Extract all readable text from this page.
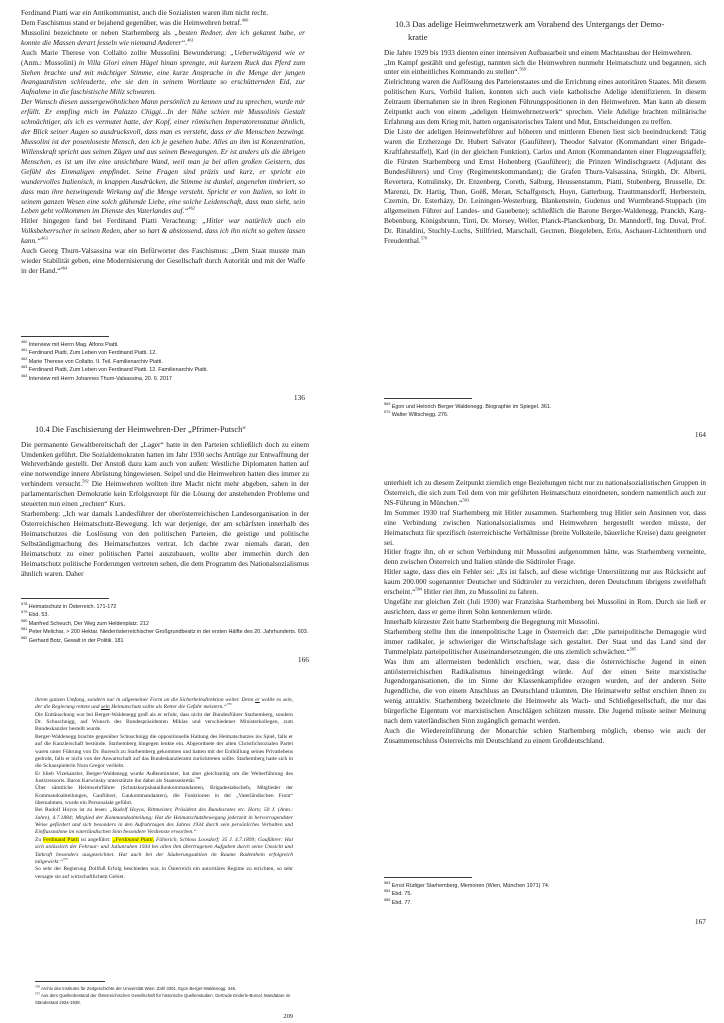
Ferdinand Piatti war ein Antikommunist, auch die Sozialisten waren ihm nicht recht.

Dem Faschismus stand er bejahend gegenüber, was die Heimwehren betraf.$^{460}$

Mussolini bezeichnete er neben Starhemberg als „besten Redner, den ich gekannt habe, er konnte die Massen derart fesseln wie niemand Anderer“.$^{461}$

Auch Marie Therese von Collalto zollte Mussolini Bewunderung: „Ueberwältigend wie er (Anm.: Mussolini) in Villa Glori einen Hügel hinan sprengte, mit kurzem Ruck das Pferd zum Stehen brachte und mit mächtiger Stimme, eine kurze Ansprache in die Menge der jungen Avanguardisten schleuderte, ehe sie den in seinem Wortlaute so erschütternden Eid, zur Aufnahme in die faschistische Miliz schwuren.

Der Wunsch diesen aussergewöhnlichen Mann persönlich zu kennen und zu sprechen, wurde mir erfüllt. Er empfing mich im Palazzo Chiggi…In der Nähe schien mir Mussolinis Gestalt schmächtiger, als ich es vermutet hatte, der Kopf, einer römischen Imperatorenstatue ähnlich, der Blick seiner Augen so ausdrucksvoll, dass man es versteht, dass er die Menschen bezwingt. Mussolini ist der posenloseste Mensch, den ich je gesehen habe. Alles an ihm ist Konzentration, Willenskraft spricht aus seinen Zügen und aus seinen Bewegungen. Er ist anders als die übrigen Menschen, es ist um ihn eine unsichtbare Wand, weil man ja bei allen großen Geistern, das Gefühl des Einmaligen empfindet. Seine Fragen sind präzis und kurz, er spricht ein wundervolles Italienisch, in knappen Ausdrücken, die Stimme ist dunkel, angenehm timbriert, so dass man ihre bezwingende Wirkung auf die Menge versteht. Spricht er von Italien, so loht in seinem ganzen Wesen eine solch glühende Liebe, eine solche Leidenschaft, dass man sieht, sein Leben geht vollkommen im Dienste des Vaterlandes auf.“$^{462}$

Hitler hingegen fand bei Ferdinand Piatti Verachtung: „Hitler war natürlich auch ein Volksbeherrscher in seinen Reden, aber so hart & abstossend, dass ich ihn nicht so gelten lassen kann.“$^{463}$

Auch Georg Thurn-Valsassina war ein Befürworter des Faschismus: „Dem Staat musste man wieder Stabilität geben, eine Modernisierung der Gesellschaft durch Autorität und mit der Waffe in der Hand.“$^{464}$

$^{460}$ Interview mit Herrn Mag. Alfons Piatti.
$^{461}$ Ferdinand Piatti, Zum Leben von Ferdinand Piatti. 12.
$^{462}$ Marie Therese von Collalto. II. Teil. Familienarchiv Piatti.
$^{463}$ Ferdinand Piatti, Zum Leben von Ferdinand Piatti. 12. Familienarchiv Piatti.
$^{464}$ Interview mit Herrn Johannes Thurn-Valsassina, 20. 6. 2017
136
10.3 Das adelige Heimwehrnetzwerk am Vorabend des Untergangs der Demo-
kratie

Die Jahre 1929 bis 1933 dienten einer intensiven Aufbauarbeit und einem Machtausbau der Heimwehren.

„Im Kampf gestählt und gefestigt, nannten sich die Heimwehren nunmehr Heimatschutz und begannen, sich unter ein einheitliches Kommando zu stellen“.$^{569}$

Zielrichtung waren die Auflösung des Parteienstaates und die Errichtung eines autoritären Staates. Mit diesem politischen Kurs, Vorbild Italien, konnten sich auch viele katholische Adelige identifizieren. In diesem Zeitraum übernahmen sie in ihren Regionen Führungspositionen in den Heimwehren. Man kann ab diesem Zeitpunkt auch von einem „adeligen Heimwehrnetzwerk“ sprechen. Viele Adelige brachten militärische Erfahrung aus dem Krieg mit, hatten organisatorisches Talent und Mut, Entscheidungen zu treffen.

Die Liste der adeligen Heimwehrführer auf höheren und mittleren Ebenen liest sich beeindruckend: Tätig waren die Erzherzoge Dr. Hubert Salvator (Gauführer), Theodor Salvator (Kommandant einer Brigade-Kraftfahrstaffel), Karl (in der gleichen Funktion), Carlos und Anton (Kommandanten einer Flugzeugstaffel); die Fürsten Starhemberg und Ernst Hohenberg (Gauführer); die Prinzen Windischgraetz (Adjutant des Bundesführers) und Croy (Regimentskommandant); die Grafen Thurn-Valsassina, Stürgkh, Dr. Alberti, Revertera, Kottulinsky, Dr. Enzenberg, Coreth, Salburg, Heussenstamm, Piatti, Stubenberg, Brusselle, Dr. Marenzi, Dr. Hartig, Thun, Goëß, Meran, Schaffgotsch, Huyn, Gatterburg, Trauttmansdorff, Herberstein, Czernin, Dr. Esterházy, Dr. Leiningen-Westerburg, Blankenstein, Gudenus und Wurmbrand-Stuppach (im allgemeinen Führer auf Landes- und Gauebene); schließlich die Barone Berger-Waldenegg, Pranckh, Karg-Bebenburg, Königsbrunn, Tinti, Dr. Morsey, Weller, Planck-Planckenburg, Dr. Manndorff, Ing. Duval, Prof. Dr. Rinaldini, Stuchly-Luchs, Stillfried, Marschall, Gecmen, Biegeleben, Erös, Aschauer-Lichtenthurn und Freudenthal.$^{570}$

$^{569}$ Egon und Heinrich Berger Waldenegg. Biographie im Spiegel. 361.
$^{570}$ Walter Wiltschegg. 276.
164
10.4 Die Faschisierung der Heimwehren-Der „Pfrimer-Putsch“

Die permanente Gewaltbereitschaft der „Lager“ hatte in den Parteien schließlich doch zu einem Umdenken geführt. Die Sozialdemokraten hatten im Jahr 1930 sechs Anträge zur Entwaffnung der Wehrverbände gestellt. Der Anstoß dazu kam auch von außen: Westliche Diplomaten hatten auf eine notwendige innere Abrüstung hingewiesen. Seipel und die Heimwehren hatten dies immer zu verhindern versucht.$^{582}$ Die Heimwehren wollten ihre Macht nicht mehr abgeben, sahen in der parlamentarischen Demokratie kein Erfolgsrezept für die Lösung der anstehenden Probleme und steuerten nun einen „rechten“ Kurs.

Starhemberg: „Ich war damals Landesführer der oberösterreichischen Landesorganisation in der Österreichischen Heimatschutz-Bewegung. Ich war derjenige, der am schärfsten innerhalb des Heimatschutzes die Loslösung von den politischen Parteien, die geistige und politische Selbständigmachung des Heimatschutzes vertrat. Ich dachte zwar niemals daran, den Heimatschutz zu einer politischen Partei auszubauen, wollte aber immerhin durch den Heimatschutz politische Forderungen vertreten sehen, die dem Programm des Nationalsozialismus ähnlich waren. Daher

$^{578}$ Heimatschutz in Österreich. 171-172
$^{579}$ Ebd. 53.
$^{580}$ Manfred Scheuch, Der Weg zum Heldenplatz. 212
$^{581}$ Peter Melichar, > 200 Hektar. Niederösterreichischer Großgrundbesitz in der ersten Hälfte des 20. Jahrhunderts. 603.
$^{582}$ Gerhard Botz, Gewalt in der Politik. 181
166

unterhielt ich zu diesem Zeitpunkt ziemlich enge Beziehungen nicht nur zu nationalsozialistischen Gruppen in Österreich, die sich zum Teil dem von mir geführten Heimatschutz einordneten, sondern namentlich auch zur NS-Führung in München.“$^{583}$

Im Sommer 1930 traf Starhemberg mit Hitler zusammen. Starhemberg trug Hitler sein Ansinnen vor, dass eine Verbindung zwischen Nationalsozialismus und Heimwehren hergestellt werden müsste, der Heimatschutz für spezifisch österreichische Verhältnisse (breite Volksteile, bäuerliche Kreise) dazu geeigneter sei.

Hitler fragte ihn, ob er schon Verbindung mit Mussolini aufgenommen hätte, was Starhemberg verneinte, denn zwischen Österreich und Italien stünde die Südtiroler Frage.

Hitler sagte, dass dies ein Fehler sei: „Es ist falsch, auf diese wichtige Unterstützung nur aus Rücksicht auf kaum 200.000 sogenannter Deutscher und Südtiroler zu verzichten, deren Deutschtum übrigens zweifelhaft erscheint.“$^{584}$ Hitler riet ihm, zu Mussolini zu fahren.

Ungefähr zur gleichen Zeit (Juli 1930) war Franziska Starhemberg bei Mussolini in Rom. Durch sie ließ er ausrichten, dass er gerne ihren Sohn kennenlernen würde.

Innerhalb kürzester Zeit hatte Starhemberg die Begegnung mit Mussolini.

Starhemberg stellte ihm die innenpolitische Lage in Österreich dar: „Die parteipolitische Demagogie wird immer radikaler, je schwieriger die Wirtschaftslage sich gestaltet. Der Staat und das Land sind der Tummelplatz parteipolitischer Auseinandersetzungen, die uns ziemlich schwächen.“$^{585}$

Was ihm am allermeisten bedenklich erschien, war, dass die österreichische Jugend in einen antiösterreichischen Radikalismus hineingedrängt würde. Auf der einen Seite marxistische Jugendorganisationen, die im Sinne der Klassenkampfidee erzogen wurden, auf der anderen Seite Jugendliche, die von einem Anschluss an Deutschland träumten. Die Heimatwehr selbst erschien ihnen zu wenig attraktiv. Starhemberg bezeichnete die Heimwehr als Wach- und Schließgesellschaft, die nur das bürgerliche Eigentum vor marxistischen Anschlägen schützen musste. Die Jugend müsste seiner Meinung nach dem vaterländischen Sinn zugänglich gemacht werden.

Auch die Wiedereinführung der Monarchie schien Starhemberg möglich, ebenso wie auch der Zusammenschluss Österreichs mit Deutschland zu einem Großdeutschland.

$^{583}$ Ernst Rüdiger Starhemberg, Memoiren (Wien, München 1971) 74.
$^{584}$ Ebd. 75.
$^{585}$ Ebd. 77.
167

ihrem ganzen Umfang, sondern nur in allgemeiner Form an die Sicherheitsdirektion weiter. Denn er wollte es sein, der die Regierung rettete und sein Heimatschutz sollte als Retter die Gefahr meistern.“$^{735}$

Die Enttäuschung war bei Berger-Waldenegg groß als er erfuhr, dass nicht der Bundesführer Starhemberg, sondern Dr. Schuschnigg, auf Wunsch des Bundespräsidenten Miklas und verschiedener Ministerkollegen, zum Bundeskanzler bestellt wurde.

Berger-Waldenegg brachte gegenüber Schuschnigg die oppositionelle Haltung des Heimatschutzes ins Spiel, falls er auf die Kanzlerschaft bestünde. Starhemberg hingegen lenkte ein. Abgeordnete der alten Christlichsozialen Partei waren unter Führung von Dr. Buresch zu Starhemberg gekommen und hatten mit der Enthüllung seines Privatlebens gedroht, falls er nicht von der Anwartschaft auf das Bundeskanzleramt zurücktreten sollte. Starhemberg hatte sich in die Schauspielerin Nora Gregor verliebt.

Er blieb Vizekanzler, Berger-Waldenegg wurde Außenminister, bat aber gleichzeitig um die Weiterführung des Justizressorts. Baron Karwinsky unterstützte ihn dabei als Staatssekretär.$^{736}$

Über sämtliche Heimwehrführer (Schutzkorpsbataillonkommandanten, Brigadestabschefs, Mitglieder der Kommandoabteilungen, Gauführer, Gaukommandanten), die Funktionen in der „Vaterländischen Front“ übernahmen, wurde ein Personalakt geführt.

Bei Rudolf Hoyos ist zu lesen: „Rudolf Hoyos, Rittmeister, Präsident des Bundesrates etc. Horn; 50 J. (Anm.: Jahre), 4.7.1884; Mitglied der Kommandoabteilung; Hat die Heimatschutzbewegung jederzeit in hervorragendster Weise gefördert und sich besonders in den Aufruhrtagen des Jahres 1934 durch sein persönliches Verhalten und Einflussnahme im vaterländischen Sinn besondere Verdienste erworben.“

Zu Ferdinand Piatti ist angeführt: „Ferdinand Piatti, Fähnrich, Schloss Loosdorf; 35 J. 4.7.1899; Gauführer: Hat sich anlässlich der Februar- und Juliunruhen 1934 bei allen ihm übertragenen Aufgaben durch seine Umsicht und Tatkraft besonders ausgezeichnet. Hat auch bei der Säuberungsaktion im Raume Radenthein erfolgreich mitgewirkt.“$^{737}$

So sehr der Regierung Dollfuß Erfolg beschieden war, in Österreich ein autoritäres Regime zu errichten, so sehr versagte sie auf wirtschaftlichem Gebiet.

$^{736}$ Archiv des Institutes für Zeitgeschichte der Universität Wien. Zahl 3301. Egon Berger-Waldenegg. 346.
$^{737}$ Aus dem Quellenbestand der Österreichischen Gesellschaft für historische Quellenstudien. Gertrude Enderle-Burcel, Mandatare im Ständestaat 1934-1938.
209
